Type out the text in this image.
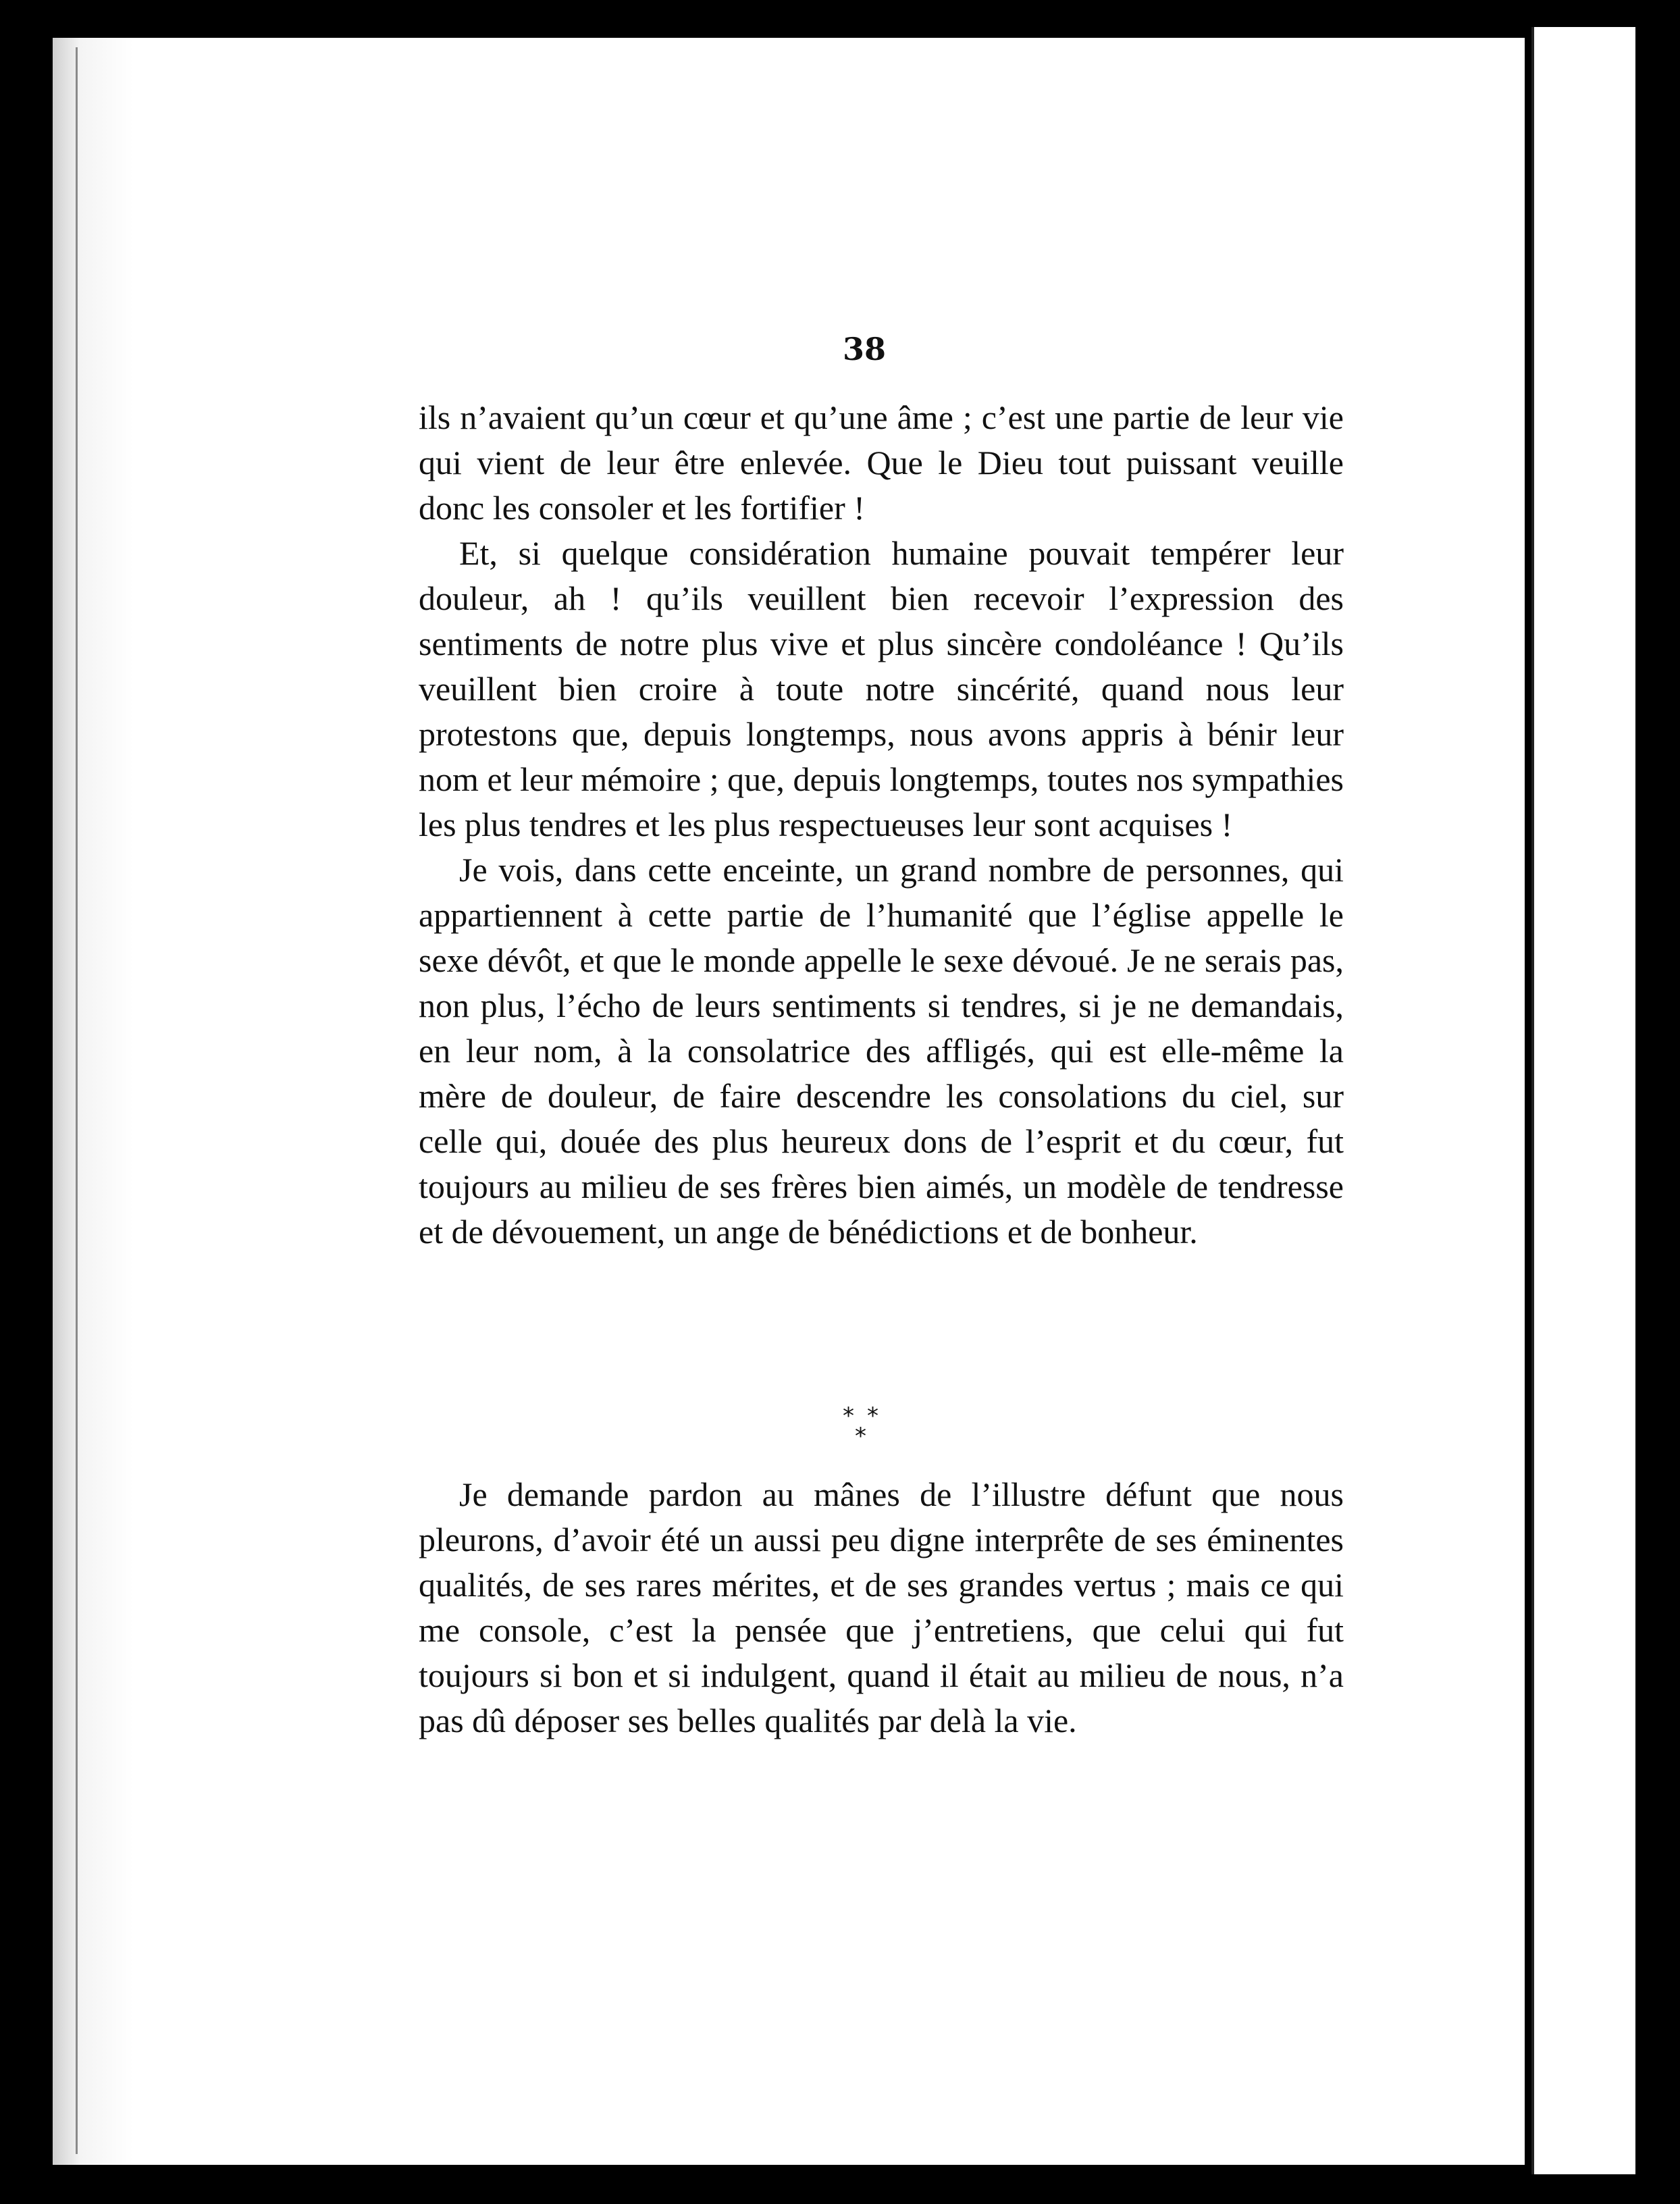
38

ils n’avaient qu’un cœur et qu’une âme ; c’est une partie de leur vie qui vient de leur être enlevée. Que le Dieu tout puissant veuille donc les consoler et les fortifier !

Et, si quelque considération humaine pouvait tempérer leur douleur, ah ! qu’ils veuillent bien recevoir l’expression des sentiments de notre plus vive et plus sincère condoléance ! Qu’ils veuillent bien croire à toute notre sincérité, quand nous leur protestons que, depuis longtemps, nous avons appris à bénir leur nom et leur mémoire ; que, depuis longtemps, toutes nos sympathies les plus tendres et les plus respectueuses leur sont acquises !

Je vois, dans cette enceinte, un grand nombre de personnes, qui appartiennent à cette partie de l’humanité que l’église appelle le sexe dévôt, et que le monde appelle le sexe dévoué. Je ne serais pas, non plus, l’écho de leurs sentiments si tendres, si je ne demandais, en leur nom, à la consolatrice des affligés, qui est elle-même la mère de douleur, de faire descendre les consolations du ciel, sur celle qui, douée des plus heureux dons de l’esprit et du cœur, fut toujours au milieu de ses frères bien aimés, un modèle de tendresse et de dévouement, un ange de bénédictions et de bonheur.

* *
*

Je demande pardon au mânes de l’illustre défunt que nous pleurons, d’avoir été un aussi peu digne interprête de ses éminentes qualités, de ses rares mérites, et de ses grandes vertus ; mais ce qui me console, c’est la pensée que j’entretiens, que celui qui fut toujours si bon et si indulgent, quand il était au milieu de nous, n’a pas dû déposer ses belles qualités par delà la vie.
